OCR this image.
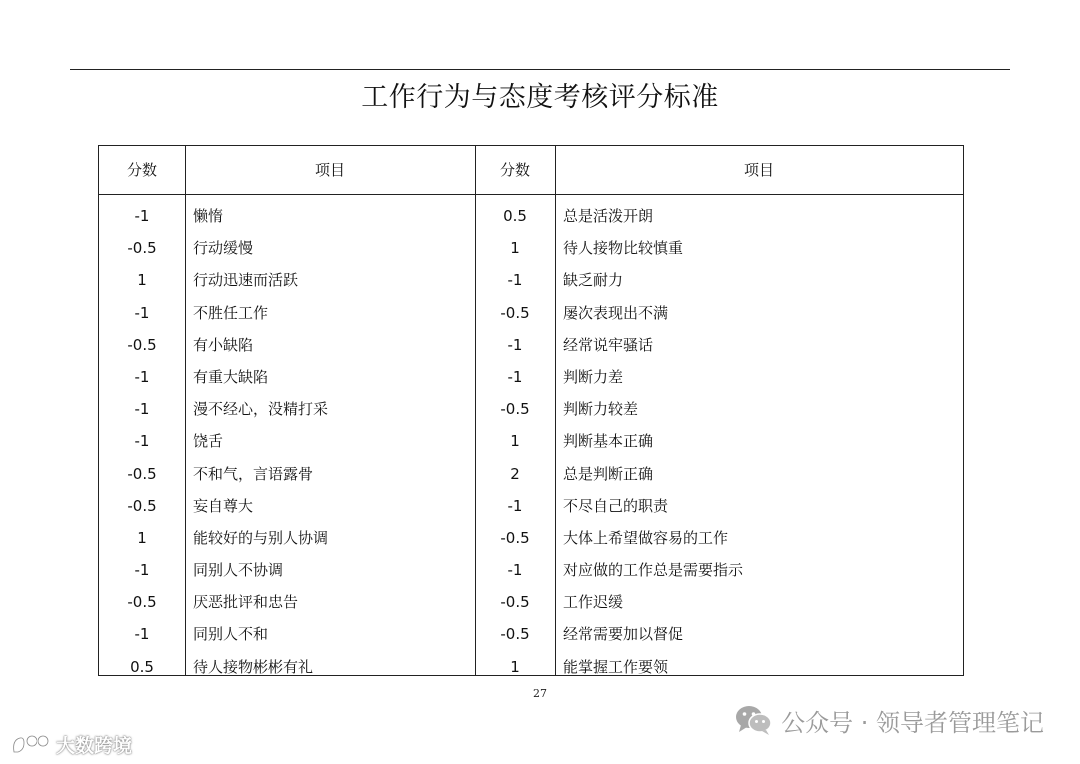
工作行为与态度考核评分标准
分数	项目	分数	项目
-1	懒惰	0.5	总是活泼开朗
-0.5	行动缓慢	1	待人接物比较慎重
1	行动迅速而活跃	-1	缺乏耐力
-1	不胜任工作	-0.5	屡次表现出不满
-0.5	有小缺陷	-1	经常说牢骚话
-1	有重大缺陷	-1	判断力差
-1	漫不经心，没精打采	-0.5	判断力较差
-1	饶舌	1	判断基本正确
-0.5	不和气，言语露骨	2	总是判断正确
-0.5	妄自尊大	-1	不尽自己的职责
1	能较好的与别人协调	-0.5	大体上希望做容易的工作
-1	同别人不协调	-1	对应做的工作总是需要指示
-0.5	厌恶批评和忠告	-0.5	工作迟缓
-1	同别人不和	-0.5	经常需要加以督促
0.5	待人接物彬彬有礼	1	能掌握工作要领
27
公众号 · 领导者管理笔记
大数跨境
